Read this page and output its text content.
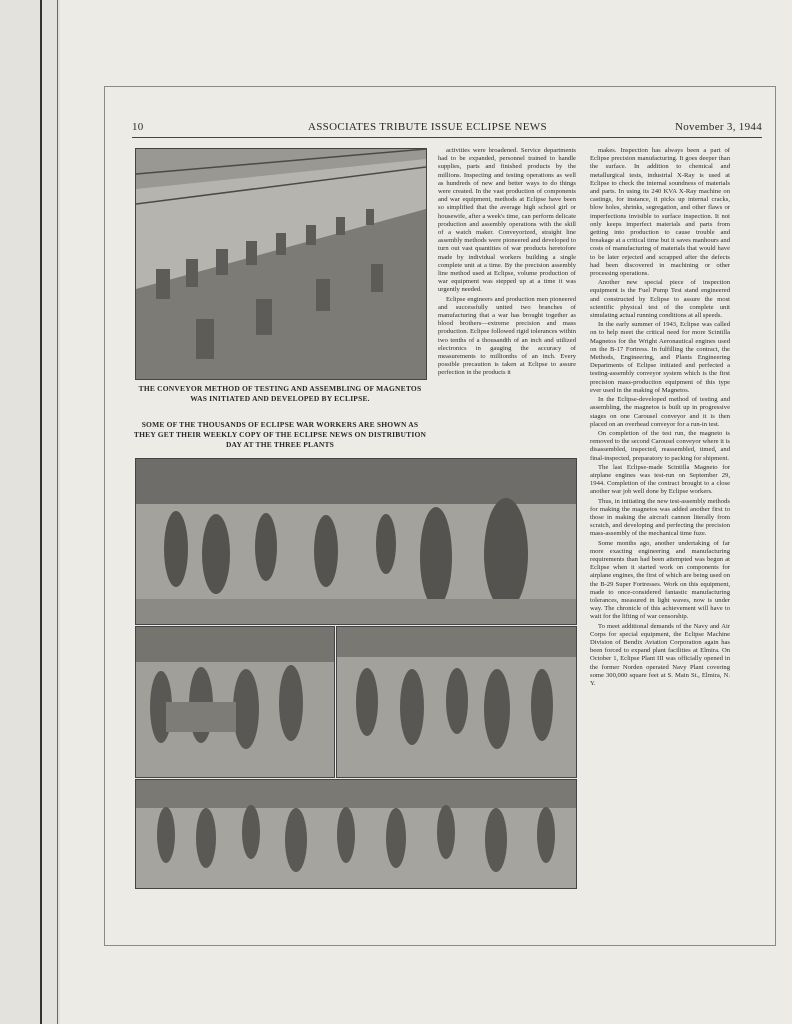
10	ASSOCIATES TRIBUTE ISSUE ECLIPSE NEWS	November 3, 1944
THE CONVEYOR METHOD OF TESTING AND ASSEMBLING OF MAGNETOS WAS INITIATED AND DEVELOPED BY ECLIPSE.
SOME OF THE THOUSANDS OF ECLIPSE WAR WORKERS ARE SHOWN AS THEY GET THEIR WEEKLY COPY OF THE ECLIPSE NEWS ON DISTRIBUTION DAY AT THE THREE PLANTS

activities were broadened. Service departments had to be expanded, personnel trained to handle supplies, parts and finished products by the millions. Inspecting and testing operations as well as hundreds of new and better ways to do things were created. In the vast production of components and war equipment, methods at Eclipse have been so simplified that the average high school girl or housewife, after a week's time, can perform delicate production and assembly operations with the skill of a watch maker. Conveyorized, straight line assembly methods were pioneered and developed to turn out vast quantities of war products heretofore made by individual workers building a single complete unit at a time. By the precision assembly line method used at Eclipse, volume production of war equipment was stepped up at a time it was urgently needed.

Eclipse engineers and production men pioneered and successfully united two branches of manufacturing that a war has brought together as blood brothers—extreme precision and mass production. Eclipse followed rigid tolerances within two tenths of a thousandth of an inch and utilized electronics in gauging the accuracy of measurements to millionths of an inch. Every possible precaution is taken at Eclipse to assure perfection in the products it

makes. Inspection has always been a part of Eclipse precision manufacturing. It goes deeper than the surface. In addition to chemical and metallurgical tests, industrial X-Ray is used at Eclipse to check the internal soundness of materials and parts. In using its 240 KVA X-Ray machine on castings, for instance, it picks up internal cracks, blow holes, shrinks, segregation, and other flaws or imperfections invisible to surface inspection. It not only keeps imperfect materials and parts from getting into production to cause trouble and breakage at a critical time but it saves manhours and costs of manufacturing of materials that would have to be later rejected and scrapped after the defects had been discovered in machining or other processing operations.

Another new special piece of inspection equipment is the Fuel Pump Test stand engineered and constructed by Eclipse to assure the most scientific physical test of the complete unit simulating actual running conditions at all speeds.

In the early summer of 1943, Eclipse was called on to help meet the critical need for more Scintilla Magnetos for the Wright Aeronautical engines used on the B-17 Fortress. In fulfilling the contract, the Methods, Engineering, and Plants Engineering Departments of Eclipse initiated and perfected a testing-assembly conveyor system which is the first precision mass-production equipment of this type ever used in the making of Magnetos.

In the Eclipse-developed method of testing and assembling, the magnetos is built up in progressive stages on one Carousel conveyor and it is then placed on an overhead conveyor for a run-in test.

On completion of the test run, the magneto is removed to the second Carousel conveyor where it is disassembled, inspected, reassembled, timed, and final-inspected, preparatory to packing for shipment.

The last Eclipse-made Scintilla Magneto for airplane engines was test-run on September 29, 1944. Completion of the contract brought to a close another war job well done by Eclipse workers.

Thus, in initiating the new test-assembly methods for making the magnetos was added another first to those in making the aircraft cannon literally from scratch, and developing and perfecting the precision mass-assembly of the mechanical time fuze.

Some months ago, another undertaking of far more exacting engineering and manufacturing requirements than had been attempted was begun at Eclipse when it started work on components for airplane engines, the first of which are being used on the B-29 Super Fortresses. Work on this equipment, made to once-considered fantastic manufacturing tolerances, measured in light waves, now is under way. The chronicle of this achievement will have to wait for the lifting of war censorship.

To meet additional demands of the Navy and Air Corps for special equipment, the Eclipse Machine Division of Bendix Aviation Corporation again has been forced to expand plant facilities at Elmira. On October 1, Eclipse Plant III was officially opened in the former Norden operated Navy Plant covering some 300,000 square feet at S. Main St., Elmira, N. Y.
